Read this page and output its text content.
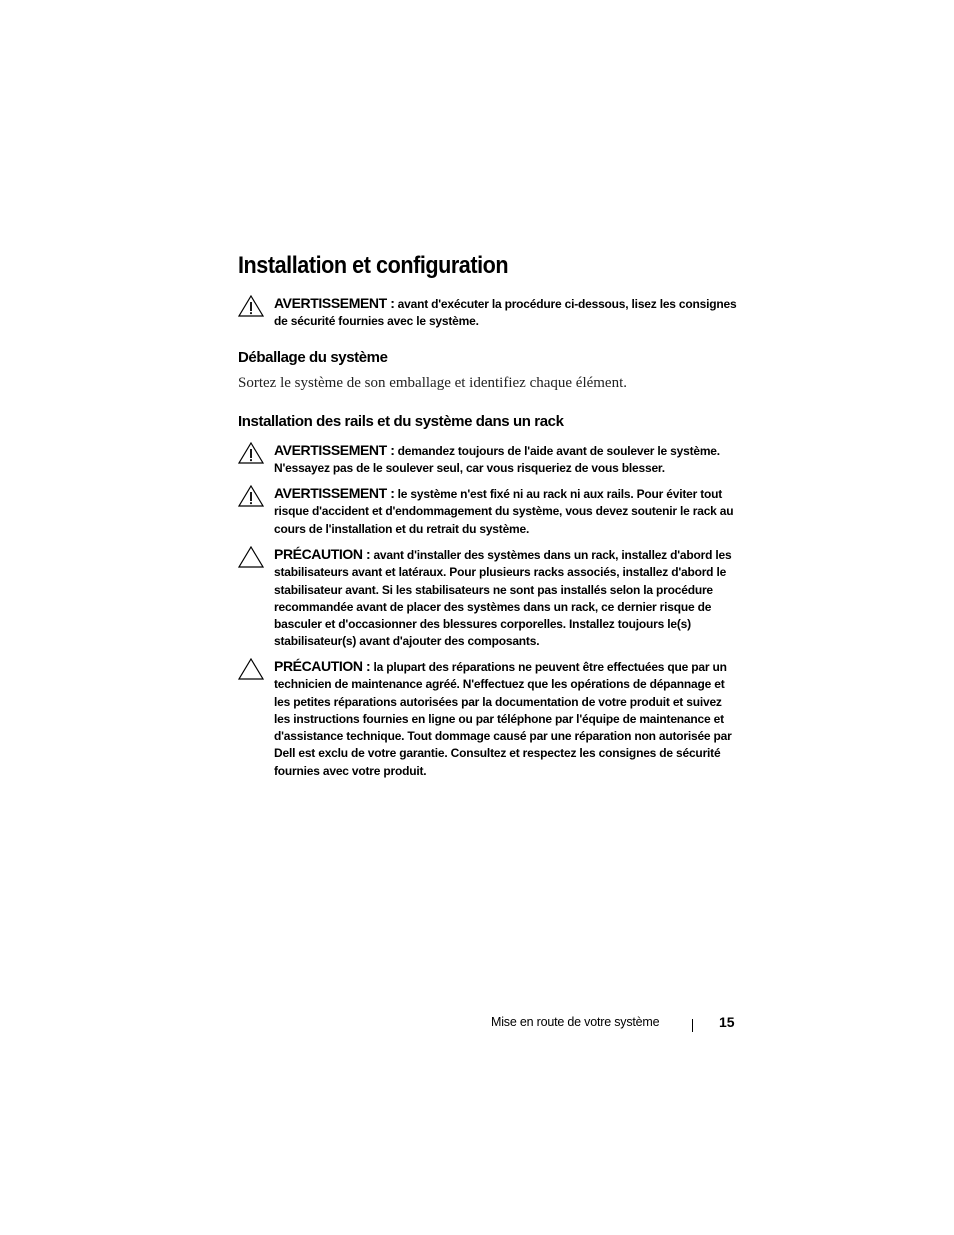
Installation et configuration
AVERTISSEMENT : avant d'exécuter la procédure ci-dessous, lisez les consignes de sécurité fournies avec le système.
Déballage du système

Sortez le système de son emballage et identifiez chaque élément.

Installation des rails et du système dans un rack
AVERTISSEMENT : demandez toujours de l'aide avant de soulever le système. N'essayez pas de le soulever seul, car vous risqueriez de vous blesser.
AVERTISSEMENT : le système n'est fixé ni au rack ni aux rails. Pour éviter tout risque d'accident et d'endommagement du système, vous devez soutenir le rack au cours de l'installation et du retrait du système.
PRÉCAUTION : avant d'installer des systèmes dans un rack, installez d'abord les stabilisateurs avant et latéraux. Pour plusieurs racks associés, installez d'abord le stabilisateur avant. Si les stabilisateurs ne sont pas installés selon la procédure recommandée avant de placer des systèmes dans un rack, ce dernier risque de basculer et d'occasionner des blessures corporelles. Installez toujours le(s) stabilisateur(s) avant d'ajouter des composants.
PRÉCAUTION : la plupart des réparations ne peuvent être effectuées que par un technicien de maintenance agréé. N'effectuez que les opérations de dépannage et les petites réparations autorisées par la documentation de votre produit et suivez les instructions fournies en ligne ou par téléphone par l'équipe de maintenance et d'assistance technique. Tout dommage causé par une réparation non autorisée par Dell est exclu de votre garantie. Consultez et respectez les consignes de sécurité fournies avec votre produit.
Mise en route de votre système	15
